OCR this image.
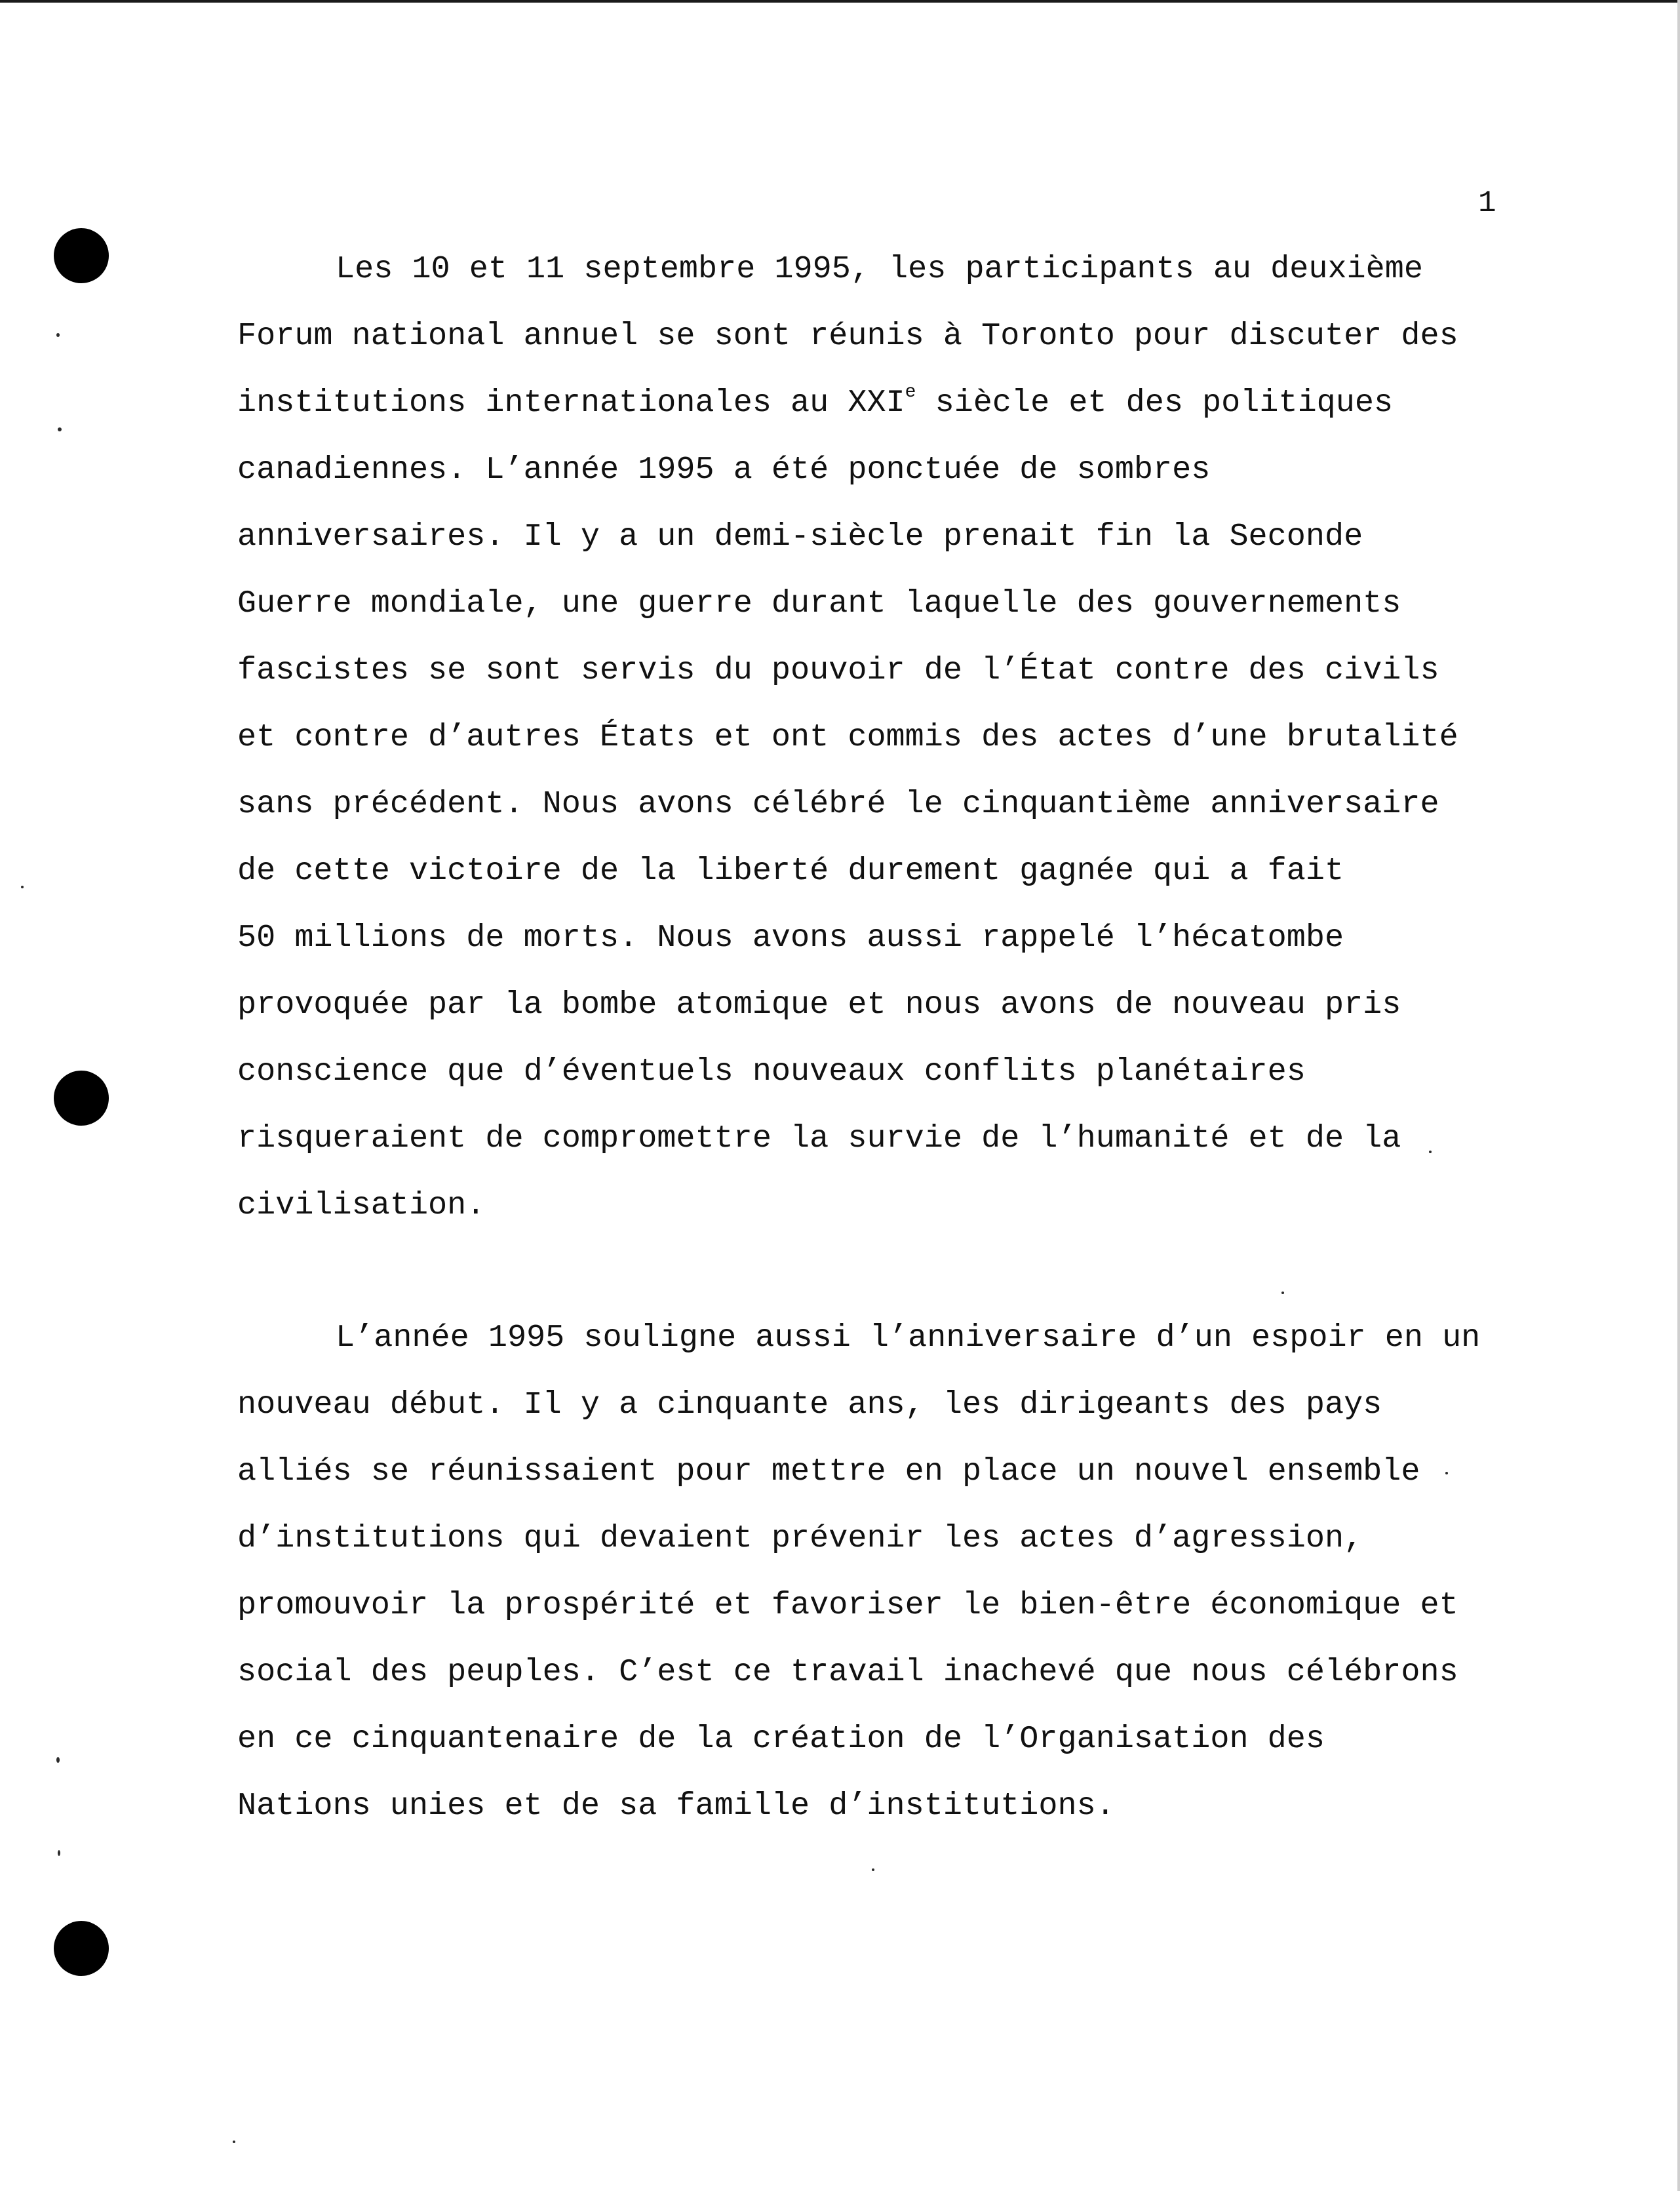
1
Les 10 et 11 septembre 1995, les participants au deuxième
Forum national annuel se sont réunis à Toronto pour discuter des
institutions internationales au XXIe siècle et des politiques
canadiennes. L’année 1995 a été ponctuée de sombres
anniversaires. Il y a un demi-siècle prenait fin la Seconde
Guerre mondiale, une guerre durant laquelle des gouvernements
fascistes se sont servis du pouvoir de l’État contre des civils
et contre d’autres États et ont commis des actes d’une brutalité
sans précédent. Nous avons célébré le cinquantième anniversaire
de cette victoire de la liberté durement gagnée qui a fait
50 millions de morts. Nous avons aussi rappelé l’hécatombe
provoquée par la bombe atomique et nous avons de nouveau pris
conscience que d’éventuels nouveaux conflits planétaires
risqueraient de compromettre la survie de l’humanité et de la
civilisation.
L’année 1995 souligne aussi l’anniversaire d’un espoir en un
nouveau début. Il y a cinquante ans, les dirigeants des pays
alliés se réunissaient pour mettre en place un nouvel ensemble
d’institutions qui devaient prévenir les actes d’agression,
promouvoir la prospérité et favoriser le bien-être économique et
social des peuples. C’est ce travail inachevé que nous célébrons
en ce cinquantenaire de la création de l’Organisation des
Nations unies et de sa famille d’institutions.
